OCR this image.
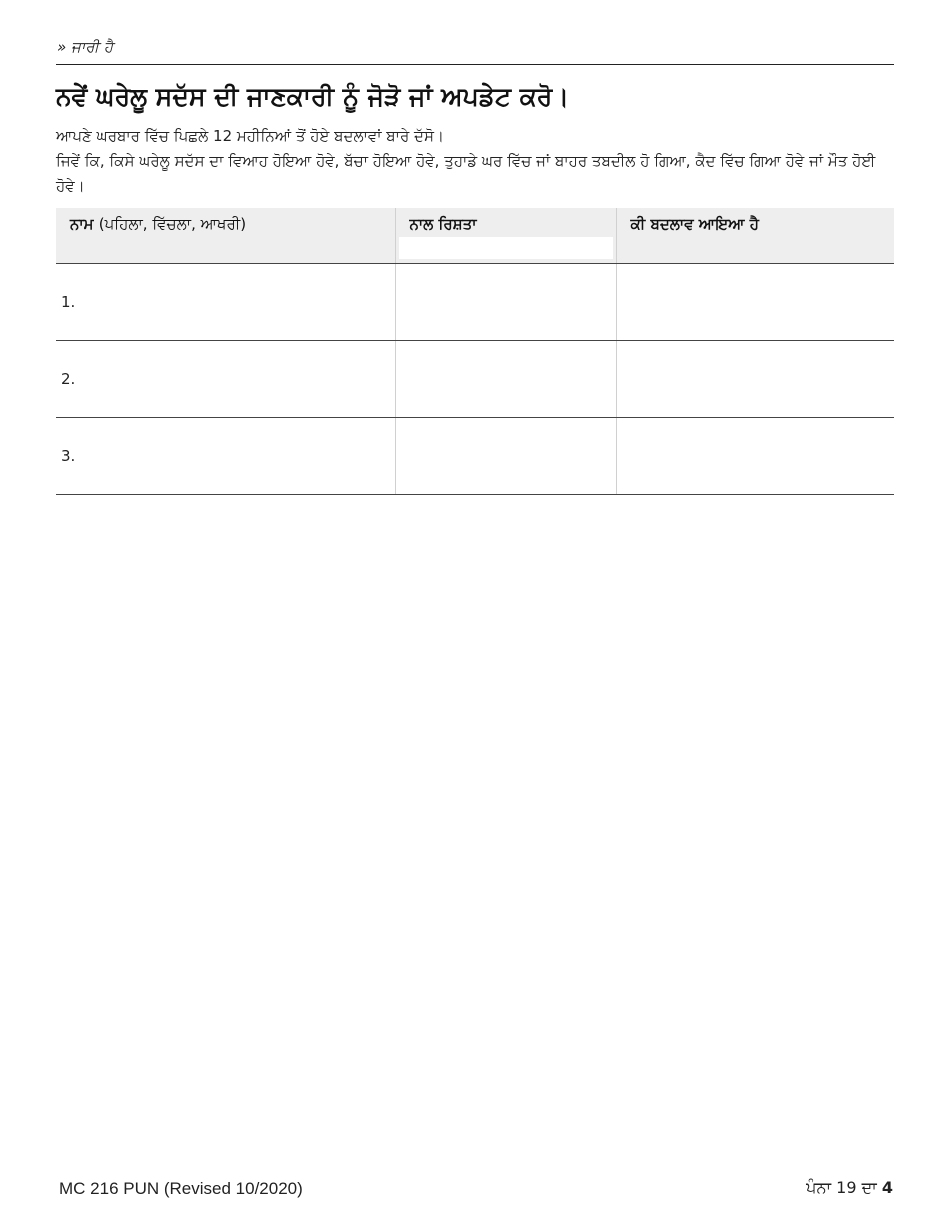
» ਜਾਰੀ ਹੈ
ਨਵੇਂ ਘਰੇਲੂ ਸਦੱਸ ਦੀ ਜਾਣਕਾਰੀ ਨੂੰ ਜੋੜੋ ਜਾਂ ਅਪਡੇਟ ਕਰੋ।

ਆਪਣੇ ਘਰਬਾਰ ਵਿੱਚ ਪਿਛਲੇ 12 ਮਹੀਨਿਆਂ ਤੋਂ ਹੋਏ ਬਦਲਾਵਾਂ ਬਾਰੇ ਦੱਸੋ।

ਜਿਵੇਂ ਕਿ, ਕਿਸੇ ਘਰੇਲੂ ਸਦੱਸ ਦਾ ਵਿਆਹ ਹੋਇਆ ਹੋਵੇ, ਬੱਚਾ ਹੋਇਆ ਹੋਵੇ, ਤੁਹਾਡੇ ਘਰ ਵਿੱਚ ਜਾਂ ਬਾਹਰ ਤਬਦੀਲ ਹੋ ਗਿਆ, ਕੈਦ ਵਿੱਚ ਗਿਆ ਹੋਵੇ ਜਾਂ ਮੌਤ ਹੋਈ ਹੋਵੇ।

ਨਾਮ (ਪਹਿਲਾ, ਵਿੱਚਲਾ, ਆਖਰੀ)	ਨਾਲ ਰਿਸ਼ਤਾ	ਕੀ ਬਦਲਾਵ ਆਇਆ ਹੈ

1.		
2.		
3.		
MC 216 PUN (Revised 10/2020)	ਪੰਨਾ 19 ਦਾ 4
